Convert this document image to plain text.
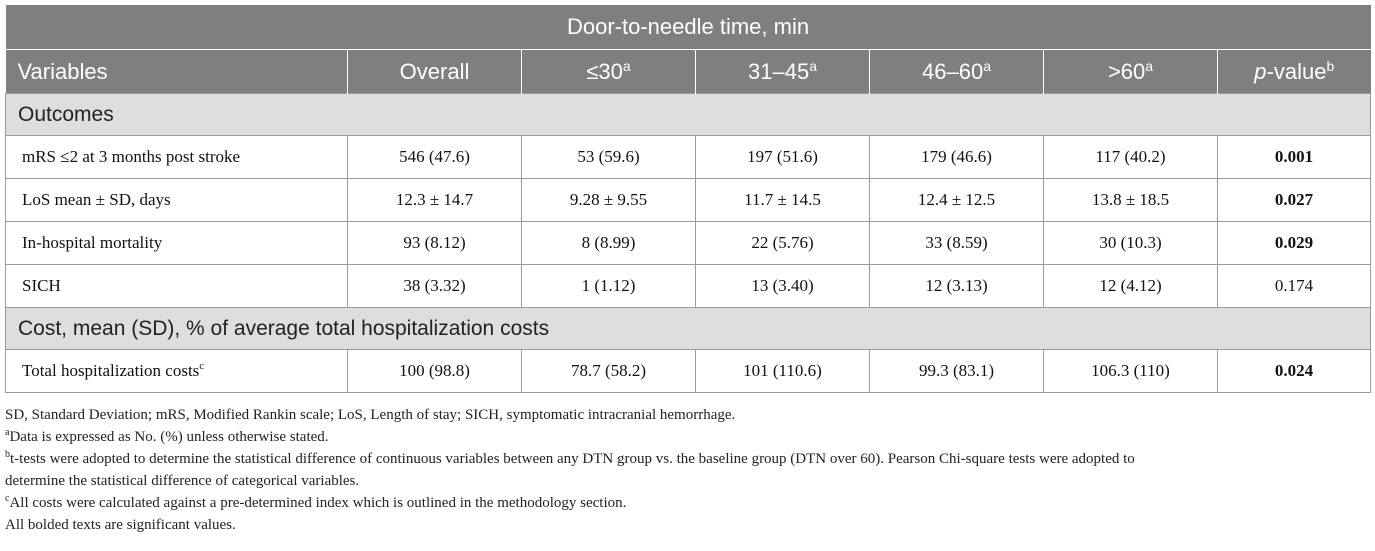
Door-to-needle time, min						
Variables	Overall	$\le 30^a$	31–45$^a$	$46-60^a$	$>60^a$	p-value$^b$
Outcomes						
mRS ≤2 at 3 months post stroke	546 (47.6)	53 (59.6)	197 (51.6)	179 (46.6)	117 (40.2)	0.001
LoS mean ± SD, days	12.3 ± 14.7	9.28 ± 9.55	11.7 ± 14.5	12.4 ± 12.5	13.8 ± 18.5	0.027
In-hospital mortality	93 (8.12)	8 (8.99)	22 (5.76)	33 (8.59)	30 (10.3)	0.029
SICH	38 (3.32)	1 (1.12)	13 (3.40)	12 (3.13)	12 (4.12)	0.174
Cost, mean (SD), % of average total hospitalization costs						
Total hospitalization costs$^c$	100 (98.8)	78.7 (58.2)	101 (110.6)	99.3 (83.1)	106.3 (110)	0.024

SD, Standard Deviation; mRS, Modified Rankin scale; LoS, Length of stay; SICH, symptomatic intracranial hemorrhage.

$^a$Data is expressed as No. (%) unless otherwise stated.

$^b$t-tests were adopted to determine the statistical difference of continuous variables between any DTN group vs. the baseline group (DTN over 60). Pearson Chi-square tests were adopted to

determine the statistical difference of categorical variables.

$^c$All costs were calculated against a pre-determined index which is outlined in the methodology section.

All bolded texts are significant values.
